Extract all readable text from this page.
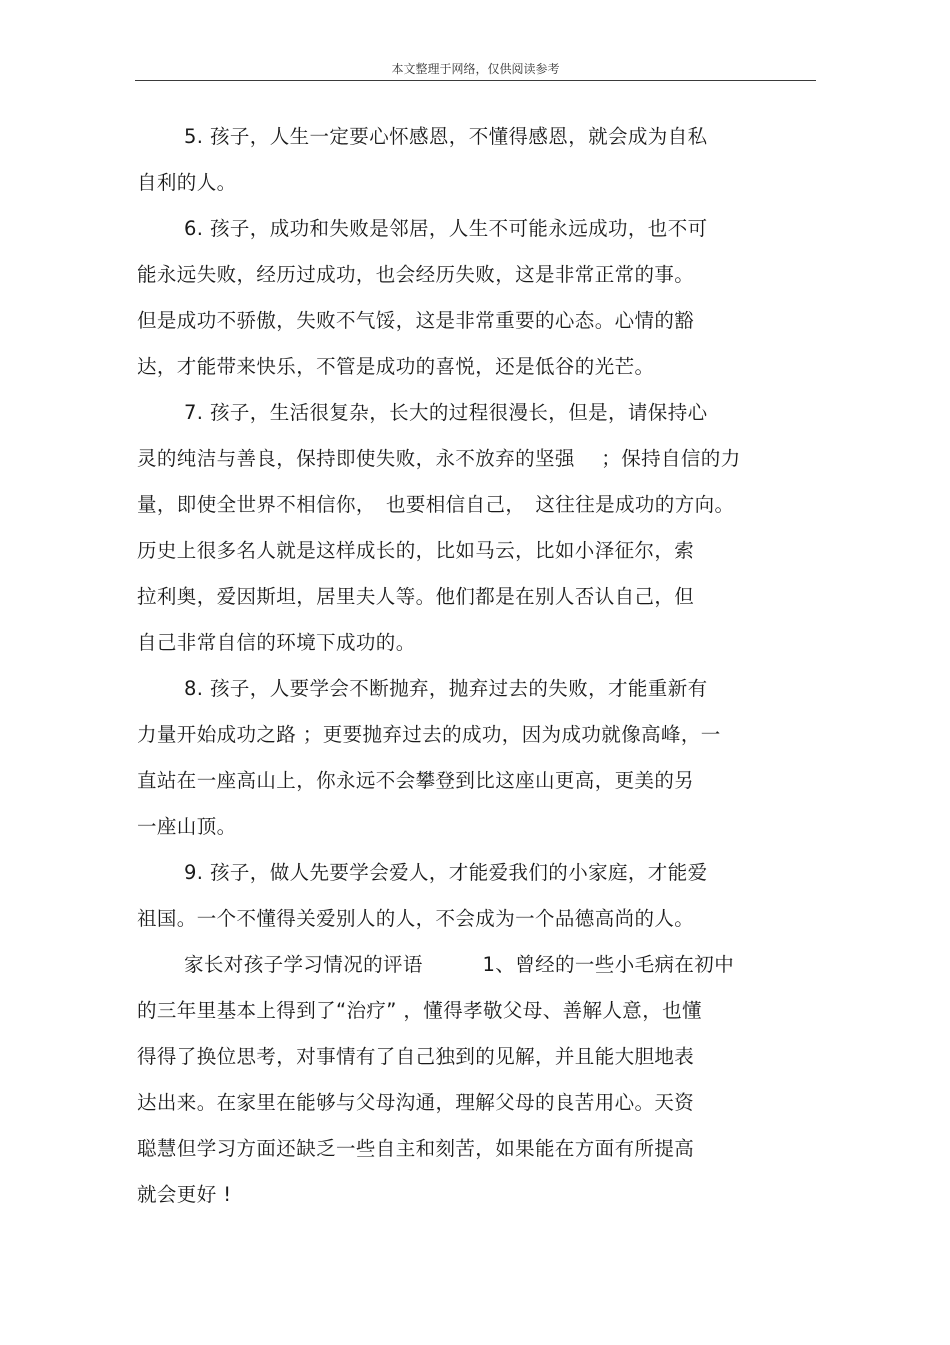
本文整理于网络，仅供阅读参考
5. 孩子，人生一定要心怀感恩，不懂得感恩，就会成为自私
自利的人。
6. 孩子，成功和失败是邻居，人生不可能永远成功，也不可
能永远失败，经历过成功，也会经历失败，这是非常正常的事。
但是成功不骄傲，失败不气馁，这是非常重要的心态。心情的豁
达，才能带来快乐，不管是成功的喜悦，还是低谷的光芒。
7. 孩子，生活很复杂，长大的过程很漫长，但是，请保持心
灵的纯洁与善良，保持即使失败，永不放弃的坚强　 ；保持自信的力
量，即使全世界不相信你，　也要相信自己，　这往往是成功的方向。
历史上很多名人就是这样成长的，比如马云，比如小泽征尔，索
拉利奥，爱因斯坦，居里夫人等。他们都是在别人否认自己，但
自己非常自信的环境下成功的。
8. 孩子，人要学会不断抛弃，抛弃过去的失败，才能重新有
力量开始成功之路 ；更要抛弃过去的成功，因为成功就像高峰，一
直站在一座高山上，你永远不会攀登到比这座山更高，更美的另
一座山顶。
9. 孩子，做人先要学会爱人，才能爱我们的小家庭，才能爱
祖国。一个不懂得关爱别人的人，不会成为一个品德高尚的人。
家长对孩子学习情况的评语　　　1、曾经的一些小毛病在初中
的三年里基本上得到了“治疗” ，懂得孝敬父母、善解人意，也懂
得得了换位思考，对事情有了自己独到的见解，并且能大胆地表
达出来。在家里在能够与父母沟通，理解父母的良苦用心。天资
聪慧但学习方面还缺乏一些自主和刻苦，如果能在方面有所提高
就会更好 !
